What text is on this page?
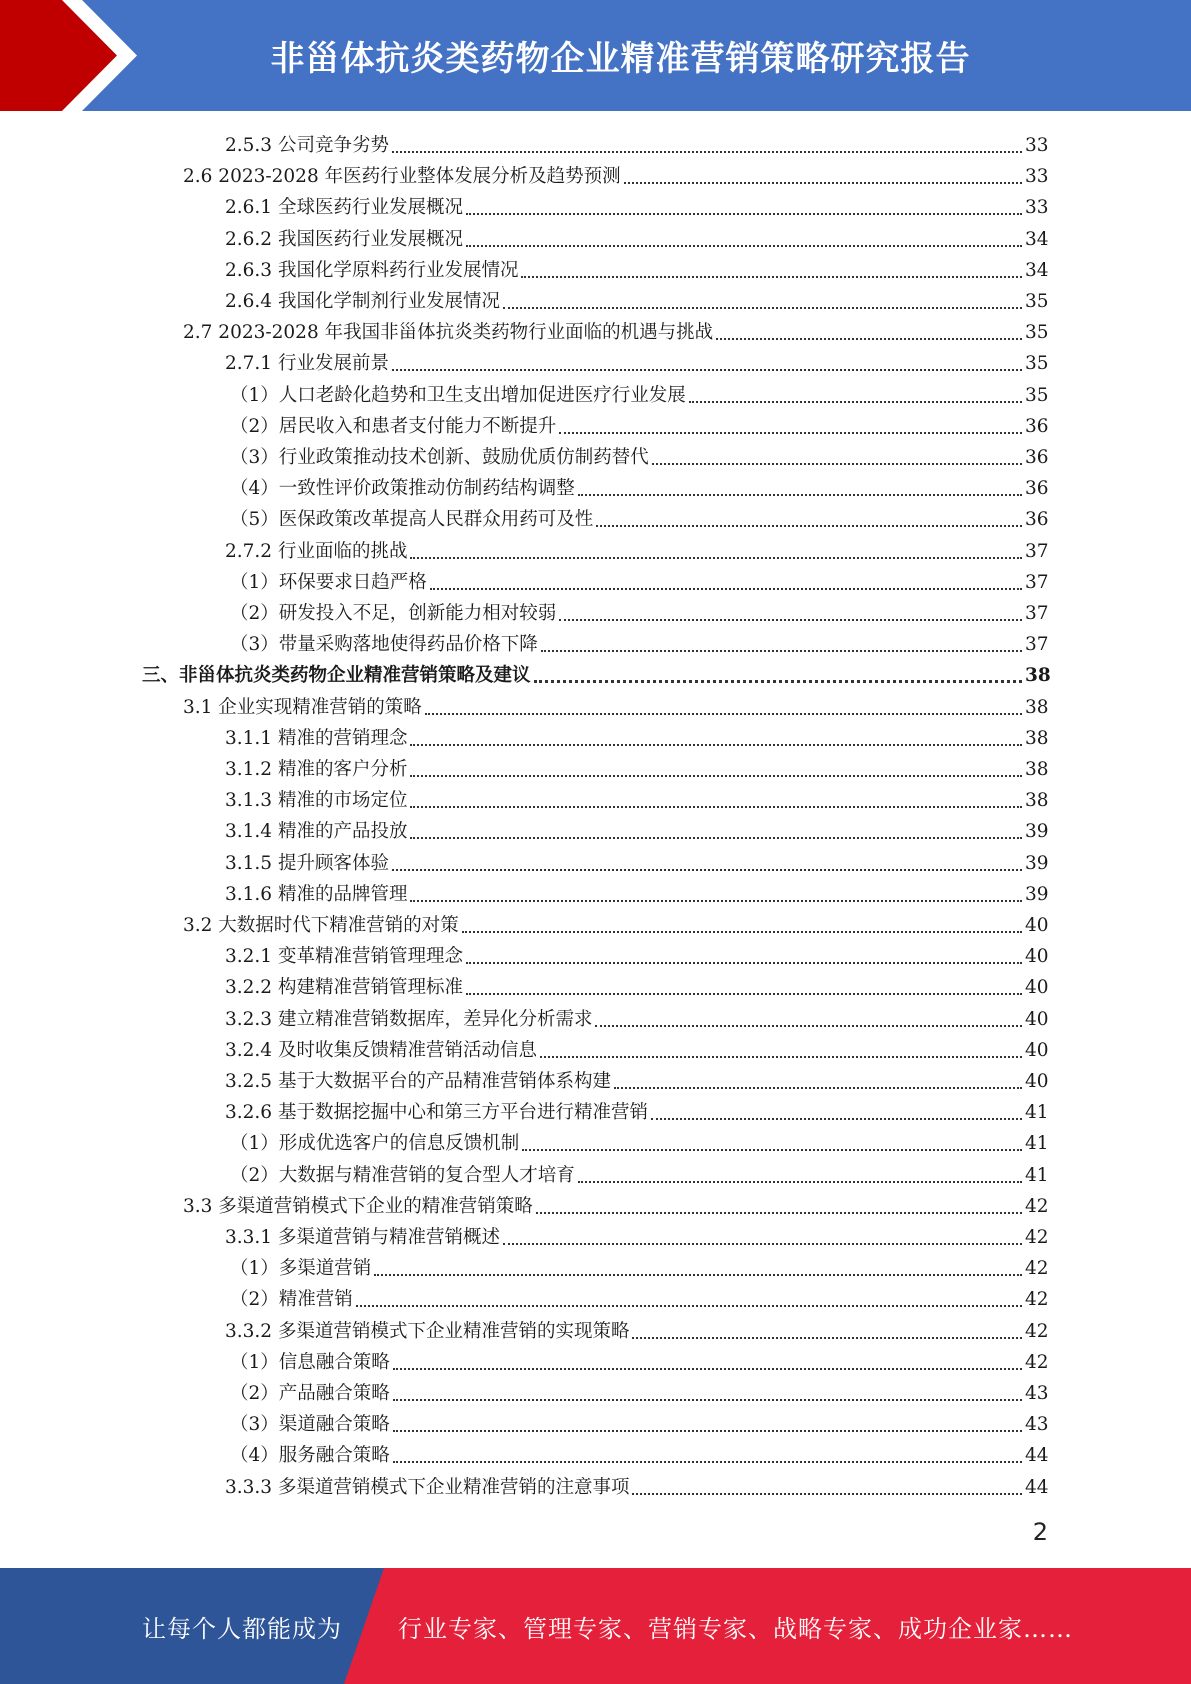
非甾体抗炎类药物企业精准营销策略研究报告
2.5.3 公司竞争劣势	33
2.6 2023-2028 年医药行业整体发展分析及趋势预测	33
2.6.1 全球医药行业发展概况	33
2.6.2 我国医药行业发展概况	34
2.6.3 我国化学原料药行业发展情况	34
2.6.4 我国化学制剂行业发展情况	35
2.7 2023-2028 年我国非甾体抗炎类药物行业面临的机遇与挑战	35
2.7.1 行业发展前景	35
（1）人口老龄化趋势和卫生支出增加促进医疗行业发展	35
（2）居民收入和患者支付能力不断提升	36
（3）行业政策推动技术创新、鼓励优质仿制药替代	36
（4）一致性评价政策推动仿制药结构调整	36
（5）医保政策改革提高人民群众用药可及性	36
2.7.2 行业面临的挑战	37
（1）环保要求日趋严格	37
（2）研发投入不足，创新能力相对较弱	37
（3）带量采购落地使得药品价格下降	37
三、非甾体抗炎类药物企业精准营销策略及建议	38
3.1 企业实现精准营销的策略	38
3.1.1 精准的营销理念	38
3.1.2 精准的客户分析	38
3.1.3 精准的市场定位	38
3.1.4 精准的产品投放	39
3.1.5 提升顾客体验	39
3.1.6 精准的品牌管理	39
3.2 大数据时代下精准营销的对策	40
3.2.1 变革精准营销管理理念	40
3.2.2 构建精准营销管理标准	40
3.2.3 建立精准营销数据库，差异化分析需求	40
3.2.4 及时收集反馈精准营销活动信息	40
3.2.5 基于大数据平台的产品精准营销体系构建	40
3.2.6 基于数据挖掘中心和第三方平台进行精准营销	41
（1）形成优选客户的信息反馈机制	41
（2）大数据与精准营销的复合型人才培育	41
3.3 多渠道营销模式下企业的精准营销策略	42
3.3.1 多渠道营销与精准营销概述	42
（1）多渠道营销	42
（2）精准营销	42
3.3.2 多渠道营销模式下企业精准营销的实现策略	42
（1）信息融合策略	42
（2）产品融合策略	43
（3）渠道融合策略	43
（4）服务融合策略	44
3.3.3 多渠道营销模式下企业精准营销的注意事项	44
2
让每个人都能成为 行业专家、管理专家、营销专家、战略专家、成功企业家……
